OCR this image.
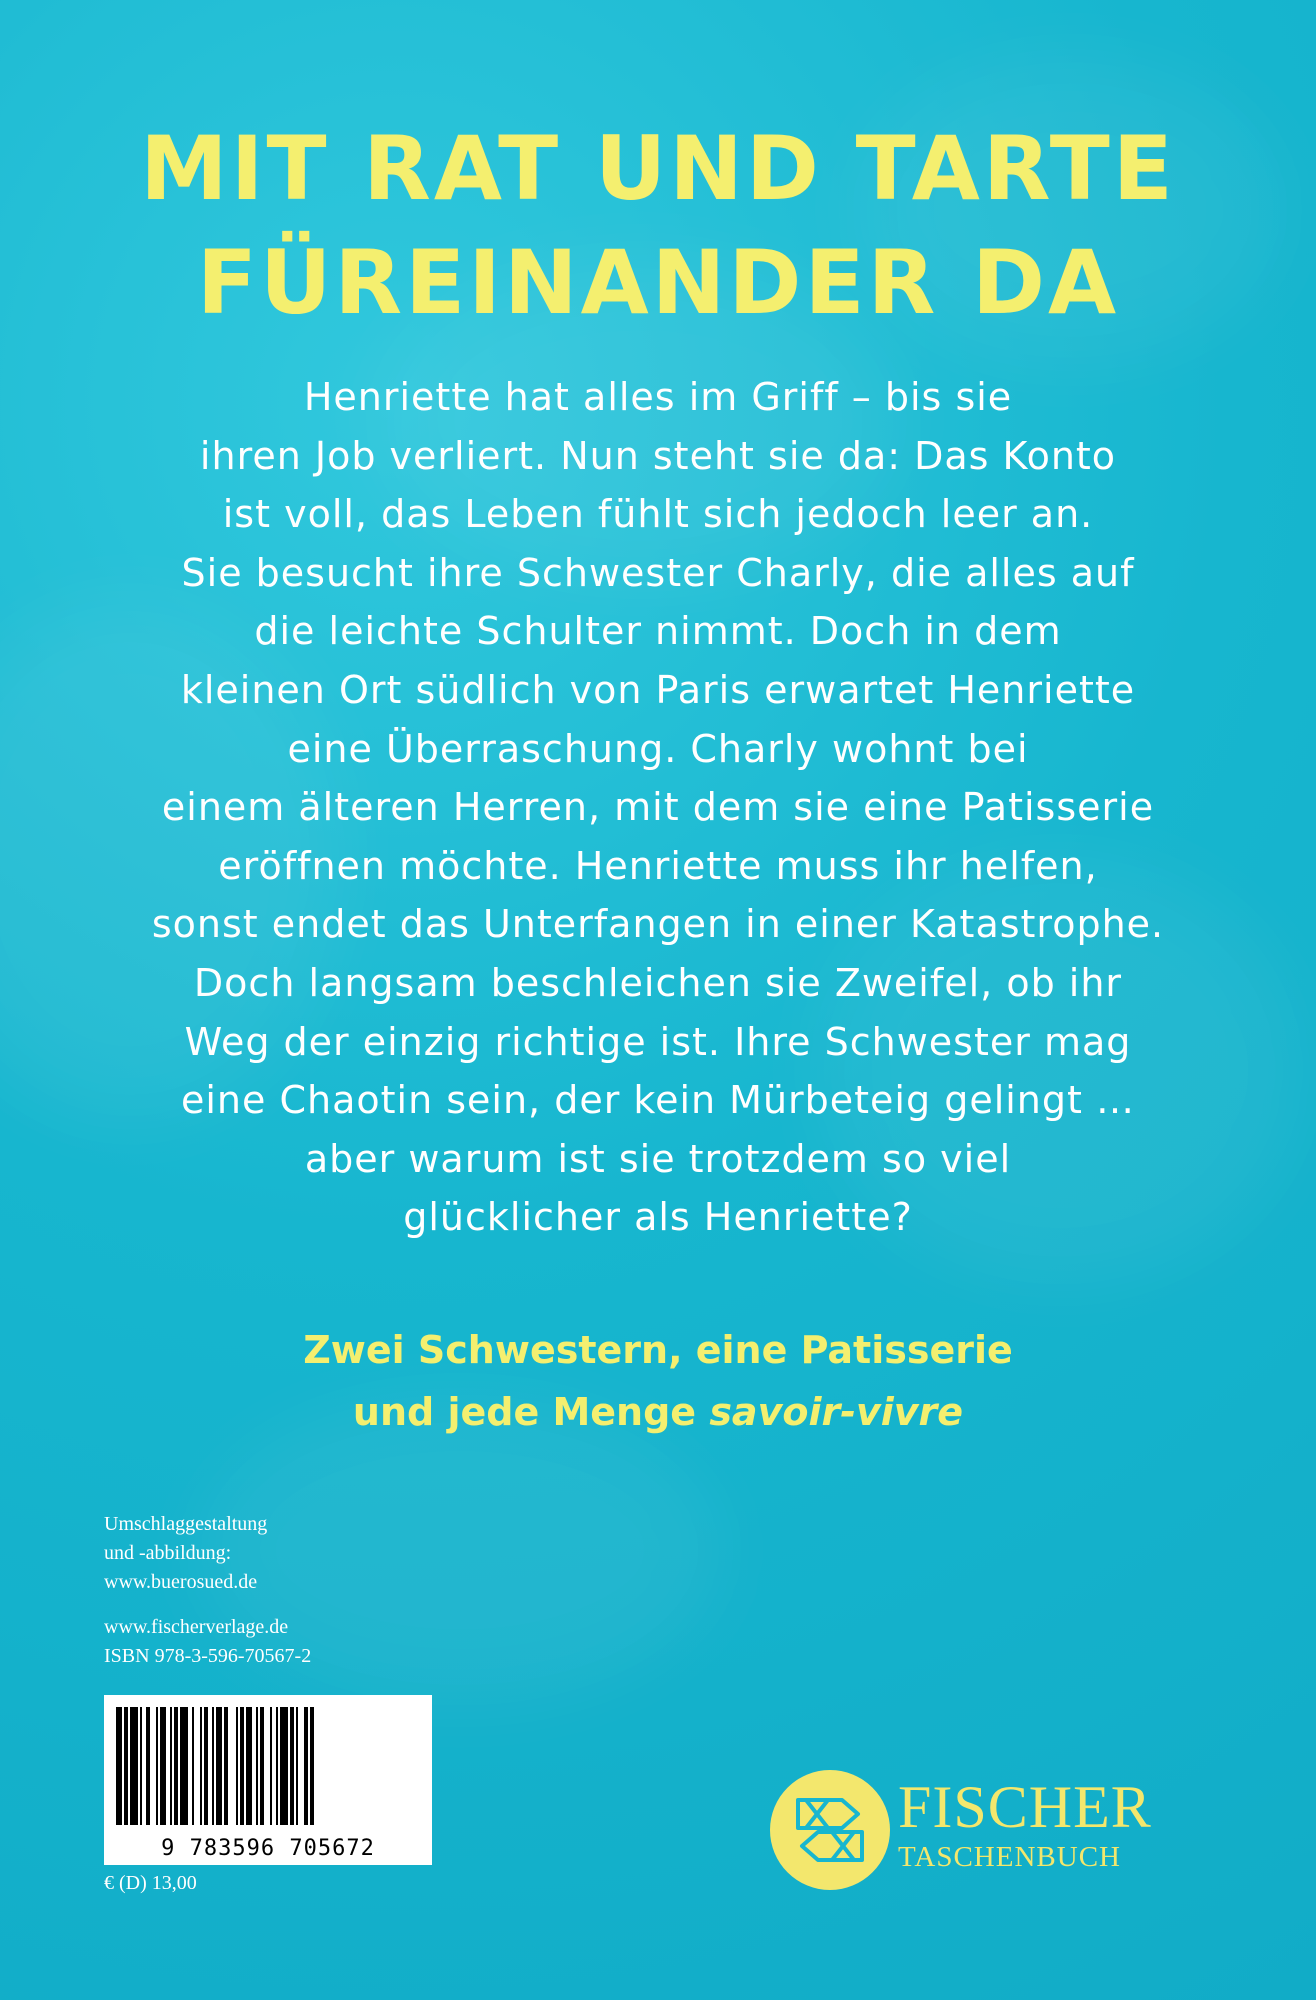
MIT RAT UND TARTE
FÜREINANDER DA
Henriette hat alles im Griff – bis sie
ihren Job verliert. Nun steht sie da: Das Konto
ist voll, das Leben fühlt sich jedoch leer an.
Sie besucht ihre Schwester Charly, die alles auf
die leichte Schulter nimmt. Doch in dem
kleinen Ort südlich von Paris erwartet Henriette
eine Überraschung. Charly wohnt bei
einem älteren Herren, mit dem sie eine Patisserie
eröffnen möchte. Henriette muss ihr helfen,
sonst endet das Unterfangen in einer Katastrophe.
Doch langsam beschleichen sie Zweifel, ob ihr
Weg der einzig richtige ist. Ihre Schwester mag
eine Chaotin sein, der kein Mürbeteig gelingt …
aber warum ist sie trotzdem so viel
glücklicher als Henriette?
Zwei Schwestern, eine Patisserie
und jede Menge savoir-vivre
Umschlaggestaltung
und -abbildung:
www.buerosued.de
www.fischerverlage.de
ISBN 978-3-596-70567-2
9 783596 705672
€ (D) 13,00
FISCHER
TASCHENBUCH
